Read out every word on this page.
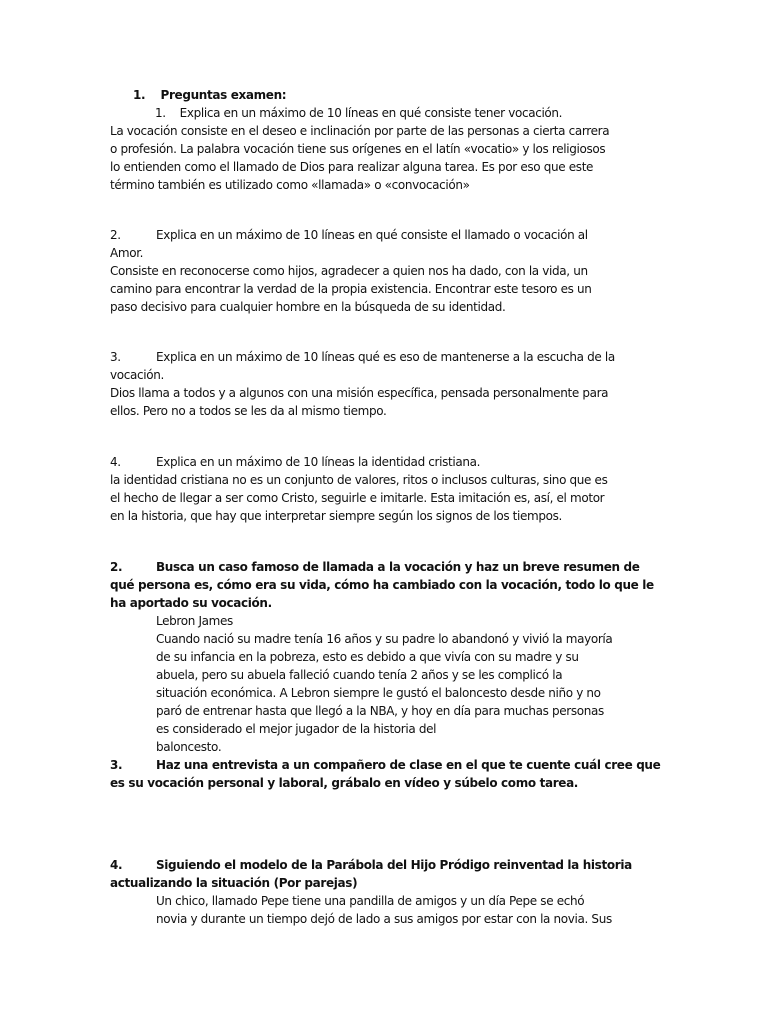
1. Preguntas examen:
1. Explica en un máximo de 10 líneas en qué consiste tener vocación.
La vocación consiste en el deseo e inclinación por parte de las personas a cierta carrera
o profesión. La palabra vocación tiene sus orígenes en el latín «vocatio» y los religiosos
lo entienden como el llamado de Dios para realizar alguna tarea. Es por eso que este
término también es utilizado como «llamada» o «convocación»
2.	Explica en un máximo de 10 líneas en qué consiste el llamado o vocación al
Amor.
Consiste en reconocerse como hijos, agradecer a quien nos ha dado, con la vida, un
camino para encontrar la verdad de la propia existencia. Encontrar este tesoro es un
paso decisivo para cualquier hombre en la búsqueda de su identidad.
3.	Explica en un máximo de 10 líneas qué es eso de mantenerse a la escucha de la
vocación.
Dios llama a todos y a algunos con una misión específica, pensada personalmente para
ellos. Pero no a todos se les da al mismo tiempo.
4.	Explica en un máximo de 10 líneas la identidad cristiana.
la identidad cristiana no es un conjunto de valores, ritos o inclusos culturas, sino que es
el hecho de llegar a ser como Cristo, seguirle e imitarle. Esta imitación es, así, el motor
en la historia, que hay que interpretar siempre según los signos de los tiempos.
2.	Busca un caso famoso de llamada a la vocación y haz un breve resumen de
qué persona es, cómo era su vida, cómo ha cambiado con la vocación, todo lo que le
ha aportado su vocación.
Lebron James
Cuando nació su madre tenía 16 años y su padre lo abandonó y vivió la mayoría
de su infancia en la pobreza, esto es debido a que vivía con su madre y su
abuela, pero su abuela falleció cuando tenía 2 años y se les complicó la
situación económica. A Lebron siempre le gustó el baloncesto desde niño y no
paró de entrenar hasta que llegó a la NBA, y hoy en día para muchas personas
es considerado el mejor jugador de la historia del
baloncesto.
3.	Haz una entrevista a un compañero de clase en el que te cuente cuál cree que
es su vocación personal y laboral, grábalo en vídeo y súbelo como tarea.
4.	Siguiendo el modelo de la Parábola del Hijo Pródigo reinventad la historia
actualizando la situación (Por parejas)
Un chico, llamado Pepe tiene una pandilla de amigos y un día Pepe se echó
novia y durante un tiempo dejó de lado a sus amigos por estar con la novia. Sus
